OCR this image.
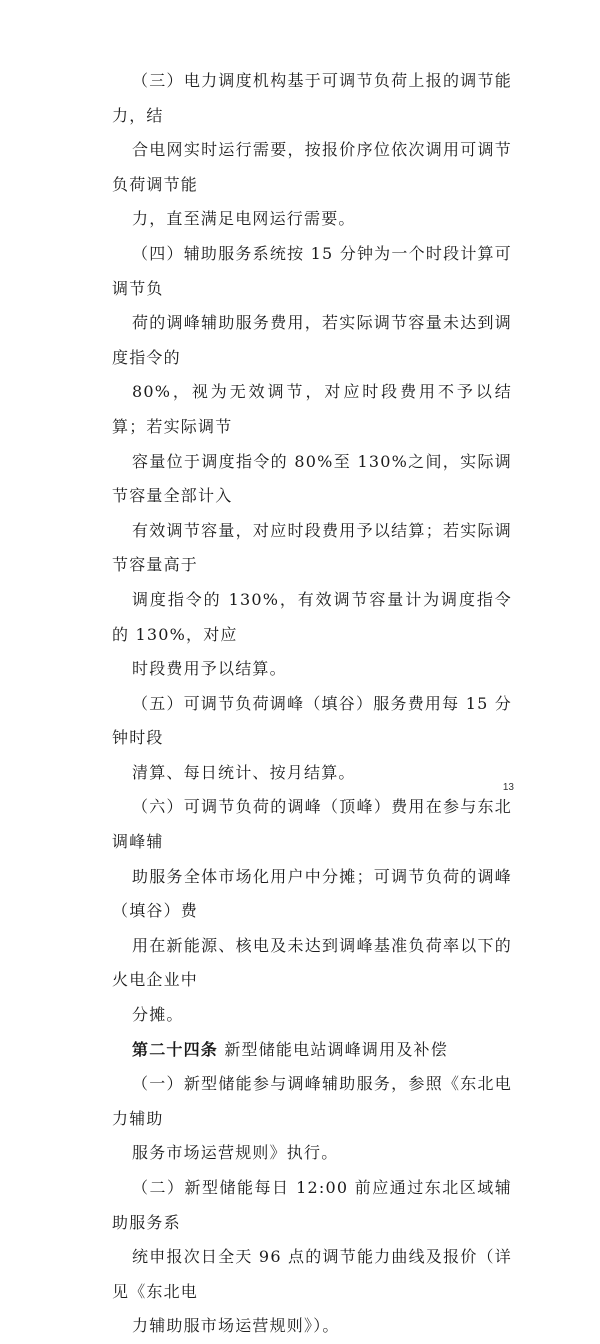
（三）电力调度机构基于可调节负荷上报的调节能力，结
合电网实时运行需要，按报价序位依次调用可调节负荷调节能
力，直至满足电网运行需要。

（四）辅助服务系统按 15 分钟为一个时段计算可调节负
荷的调峰辅助服务费用，若实际调节容量未达到调度指令的
80%，视为无效调节，对应时段费用不予以结算；若实际调节
容量位于调度指令的 80%至 130%之间，实际调节容量全部计入
有效调节容量，对应时段费用予以结算；若实际调节容量高于
调度指令的 130%，有效调节容量计为调度指令的 130%，对应
时段费用予以结算。

（五）可调节负荷调峰（填谷）服务费用每 15 分钟时段
清算、每日统计、按月结算。

（六）可调节负荷的调峰（顶峰）费用在参与东北调峰辅
助服务全体市场化用户中分摊；可调节负荷的调峰（填谷）费
用在新能源、核电及未达到调峰基准负荷率以下的火电企业中
分摊。

第二十四条 新型储能电站调峰调用及补偿

（一）新型储能参与调峰辅助服务，参照《东北电力辅助
服务市场运营规则》执行。

（二）新型储能每日 12:00 前应通过东北区域辅助服务系
统申报次日全天 96 点的调节能力曲线及报价（详见《东北电
力辅助服市场运营规则》）。

13
